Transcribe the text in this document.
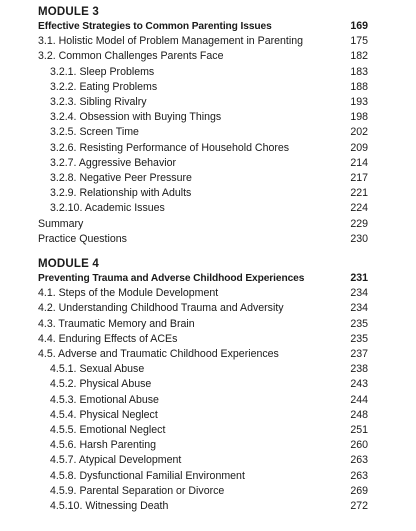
MODULE 3
Effective Strategies to Common Parenting Issues	169
3.1. Holistic Model of Problem Management in Parenting	175
3.2. Common Challenges Parents Face	182
3.2.1. Sleep Problems	183
3.2.2. Eating Problems	188
3.2.3. Sibling Rivalry	193
3.2.4. Obsession with Buying Things	198
3.2.5. Screen Time	202
3.2.6. Resisting Performance of Household Chores	209
3.2.7. Aggressive Behavior	214
3.2.8. Negative Peer Pressure	217
3.2.9. Relationship with Adults	221
3.2.10. Academic Issues	224
Summary	229
Practice Questions	230
MODULE 4
Preventing Trauma and Adverse Childhood Experiences	231
4.1. Steps of the Module Development	234
4.2. Understanding Childhood Trauma and Adversity	234
4.3. Traumatic Memory and Brain	235
4.4. Enduring Effects of ACEs	235
4.5. Adverse and Traumatic Childhood Experiences	237
4.5.1. Sexual Abuse	238
4.5.2. Physical Abuse	243
4.5.3. Emotional Abuse	244
4.5.4. Physical Neglect	248
4.5.5. Emotional Neglect	251
4.5.6. Harsh Parenting	260
4.5.7. Atypical Development	263
4.5.8. Dysfunctional Familial Environment	263
4.5.9. Parental Separation or Divorce	269
4.5.10. Witnessing Death	272
